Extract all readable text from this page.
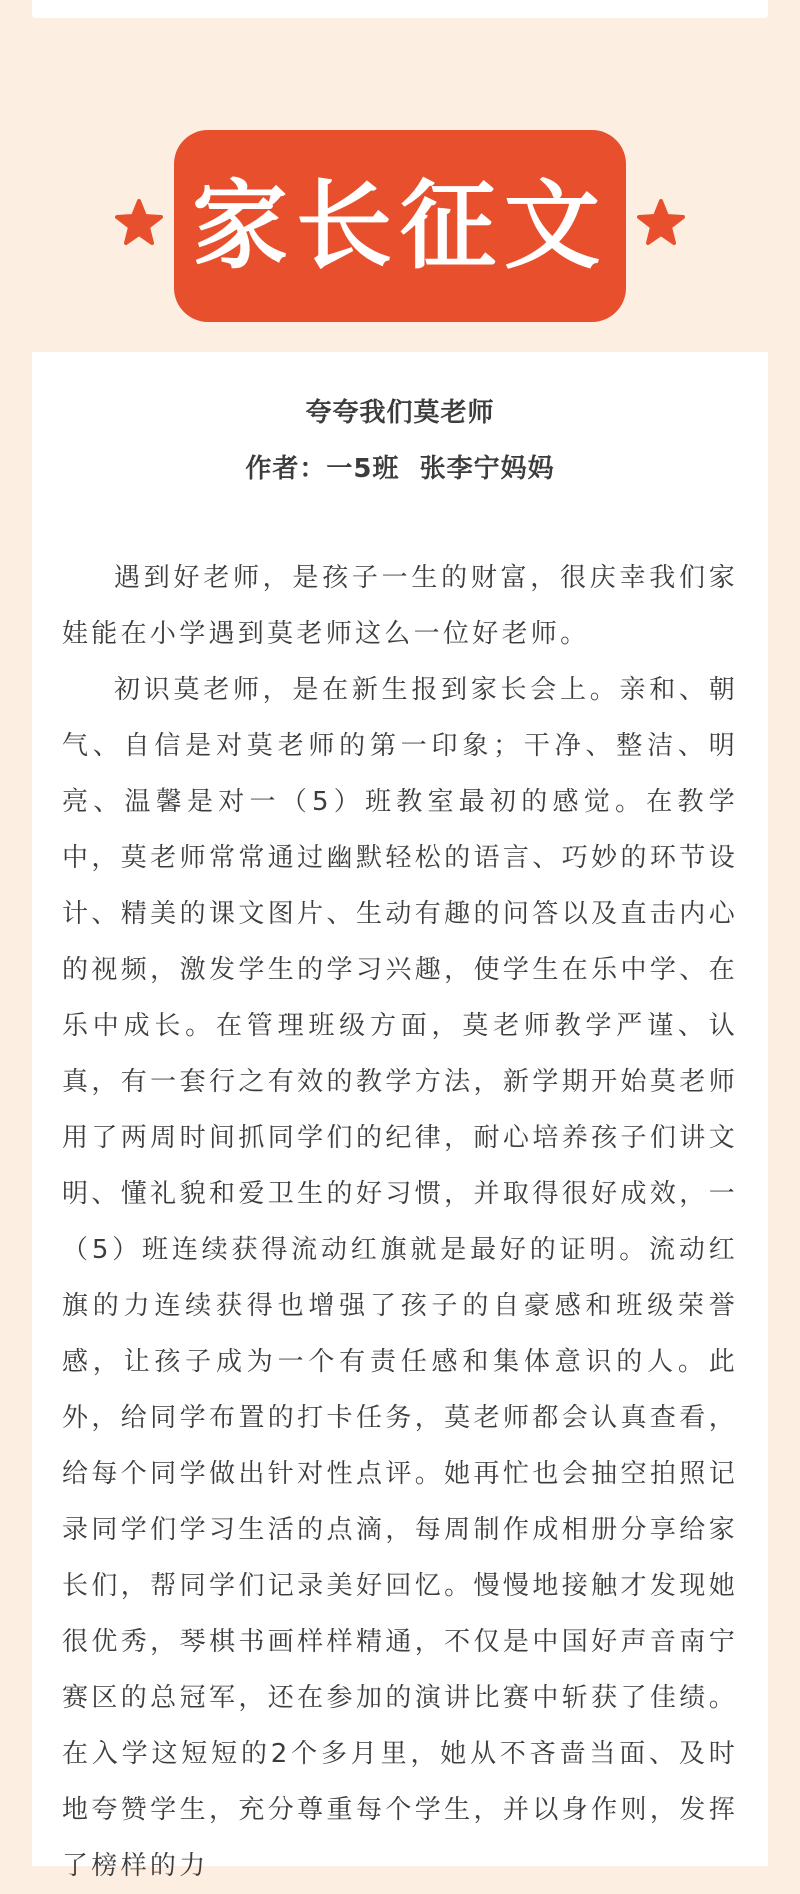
家长征文
夸夸我们莫老师
作者：一5班  张李宁妈妈

遇到好老师，是孩子一生的财富，很庆幸我们家娃能在小学遇到莫老师这么一位好老师。

初识莫老师，是在新生报到家长会上。亲和、朝气、自信是对莫老师的第一印象；干净、整洁、明亮、温馨是对一（5）班教室最初的感觉。在教学中，莫老师常常通过幽默轻松的语言、巧妙的环节设计、精美的课文图片、生动有趣的问答以及直击内心的视频，激发学生的学习兴趣，使学生在乐中学、在乐中成长。在管理班级方面，莫老师教学严谨、认真，有一套行之有效的教学方法，新学期开始莫老师用了两周时间抓同学们的纪律，耐心培养孩子们讲文明、懂礼貌和爱卫生的好习惯，并取得很好成效，一（5）班连续获得流动红旗就是最好的证明。流动红旗的力连续获得也增强了孩子的自豪感和班级荣誉感，让孩子成为一个有责任感和集体意识的人。此外，给同学布置的打卡任务，莫老师都会认真查看，给每个同学做出针对性点评。她再忙也会抽空拍照记录同学们学习生活的点滴，每周制作成相册分享给家长们，帮同学们记录美好回忆。慢慢地接触才发现她很优秀，琴棋书画样样精通，不仅是中国好声音南宁赛区的总冠军，还在参加的演讲比赛中斩获了佳绩。在入学这短短的2个多月里，她从不吝啬当面、及时地夸赞学生，充分尊重每个学生，并以身作则，发挥了榜样的力
